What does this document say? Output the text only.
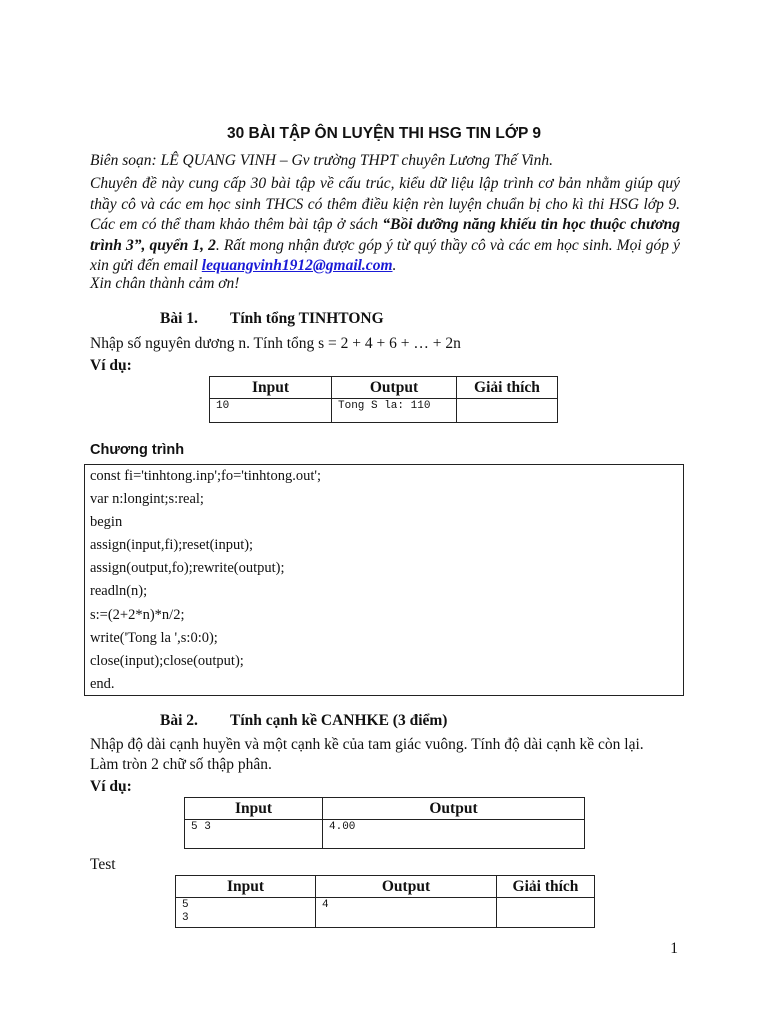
30 BÀI TẬP ÔN LUYỆN THI HSG TIN LỚP 9
Biên soạn: LÊ QUANG VINH – Gv trường THPT chuyên Lương Thế Vinh.
Chuyên đề này cung cấp 30 bài tập về cấu trúc, kiểu dữ liệu lập trình cơ bản nhằm giúp quý thầy cô và các em học sinh THCS có thêm điều kiện rèn luyện chuẩn bị cho kì thi HSG lớp 9. Các em có thể tham khảo thêm bài tập ở sách “Bồi dưỡng năng khiếu tin học thuộc chương trình 3”, quyển 1, 2. Rất mong nhận được góp ý từ quý thầy cô và các em học sinh. Mọi góp ý xin gửi đến email lequangvinh1912@gmail.com.
Xin chân thành cảm ơn!
Bài 1. Tính tổng TINHTONG
Nhập số nguyên dương n. Tính tổng s = 2 + 4 + 6 + … + 2n
Ví dụ:
Input	Output	Giải thích
10	Tong S la: 110	
Chương trình
const fi='tinhtong.inp';fo='tinhtong.out';
var n:longint;s:real;
begin
assign(input,fi);reset(input);
assign(output,fo);rewrite(output);
readln(n);
s:=(2+2*n)*n/2;
write('Tong la ',s:0:0);
close(input);close(output);
end.
Bài 2. Tính cạnh kề CANHKE (3 điểm)
Nhập độ dài cạnh huyền và một cạnh kề của tam giác vuông. Tính độ dài cạnh kề còn lại.
Làm tròn 2 chữ số thập phân.
Ví dụ:
Input	Output
5 3	4.00
Test
Input	Output	Giải thích
5
3	4	
1
